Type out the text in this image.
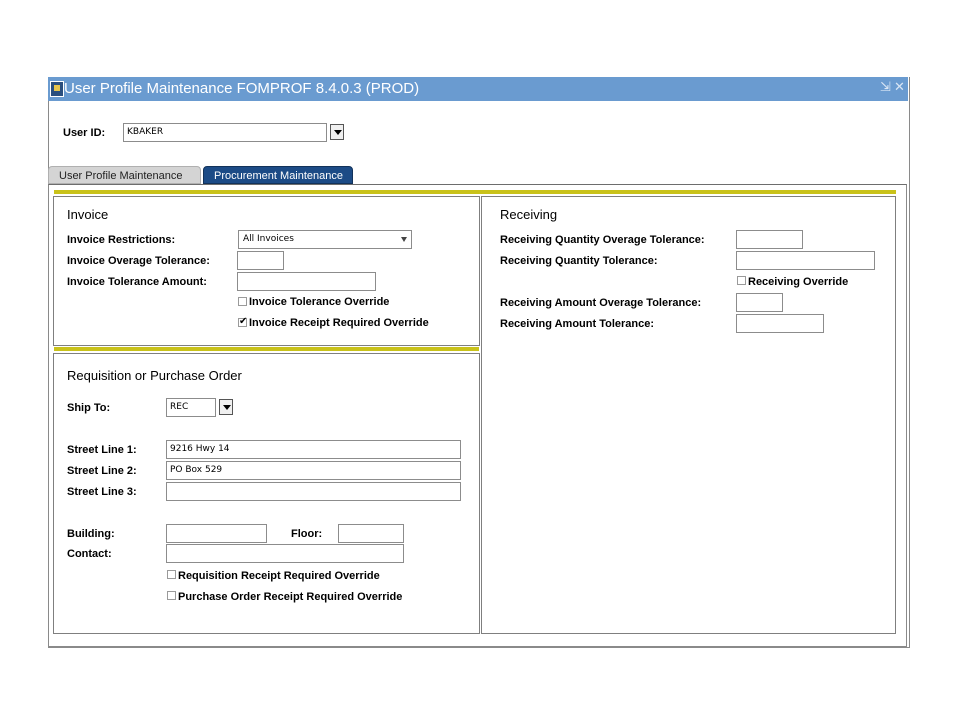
User Profile Maintenance FOMPROF 8.4.0.3 (PROD)	⇲ ✕
User ID: KBAKER
User Profile Maintenance	Procurement Maintenance
Invoice
Invoice Restrictions:	All Invoices
Invoice Overage Tolerance:
Invoice Tolerance Amount:
Invoice Tolerance Override
✔
Invoice Receipt Required Override
Receiving
Receiving Quantity Overage Tolerance:
Receiving Quantity Tolerance:
Receiving Override
Receiving Amount Overage Tolerance:
Receiving Amount Tolerance:
Requisition or Purchase Order
Ship To:	REC
Street Line 1:	9216 Hwy 14
Street Line 2:	PO Box 529
Street Line 3:
Building:	Floor:
Contact:
Requisition Receipt Required Override
Purchase Order Receipt Required Override
